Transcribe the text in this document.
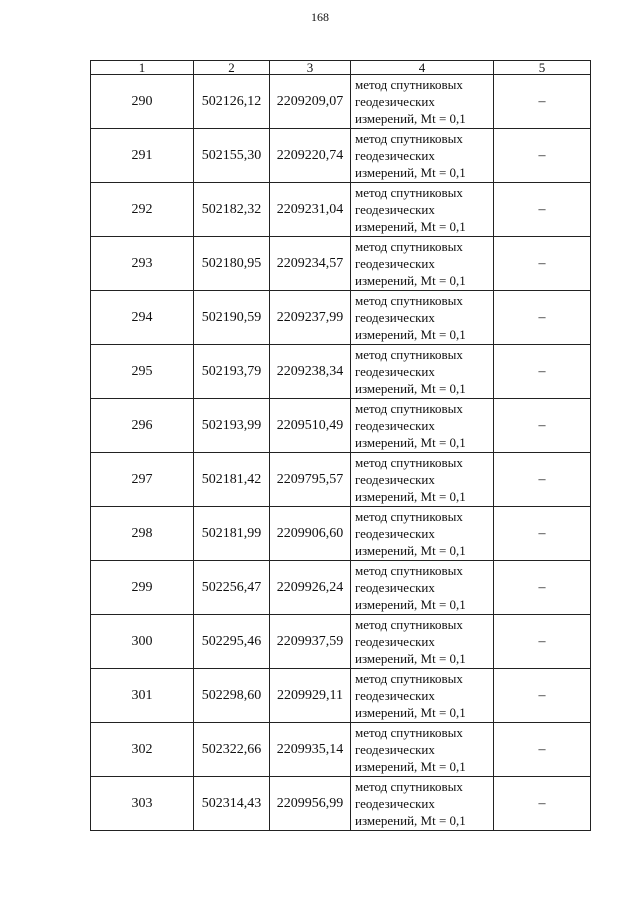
168
1	2	3	4	5
290	502126,12	2209209,07	метод спутниковых
геодезических
измерений, Mt = 0,1	–
291	502155,30	2209220,74	метод спутниковых
геодезических
измерений, Mt = 0,1	–
292	502182,32	2209231,04	метод спутниковых
геодезических
измерений, Mt = 0,1	–
293	502180,95	2209234,57	метод спутниковых
геодезических
измерений, Mt = 0,1	–
294	502190,59	2209237,99	метод спутниковых
геодезических
измерений, Mt = 0,1	–
295	502193,79	2209238,34	метод спутниковых
геодезических
измерений, Mt = 0,1	–
296	502193,99	2209510,49	метод спутниковых
геодезических
измерений, Mt = 0,1	–
297	502181,42	2209795,57	метод спутниковых
геодезических
измерений, Mt = 0,1	–
298	502181,99	2209906,60	метод спутниковых
геодезических
измерений, Mt = 0,1	–
299	502256,47	2209926,24	метод спутниковых
геодезических
измерений, Mt = 0,1	–
300	502295,46	2209937,59	метод спутниковых
геодезических
измерений, Mt = 0,1	–
301	502298,60	2209929,11	метод спутниковых
геодезических
измерений, Mt = 0,1	–
302	502322,66	2209935,14	метод спутниковых
геодезических
измерений, Mt = 0,1	–
303	502314,43	2209956,99	метод спутниковых
геодезических
измерений, Mt = 0,1	–
